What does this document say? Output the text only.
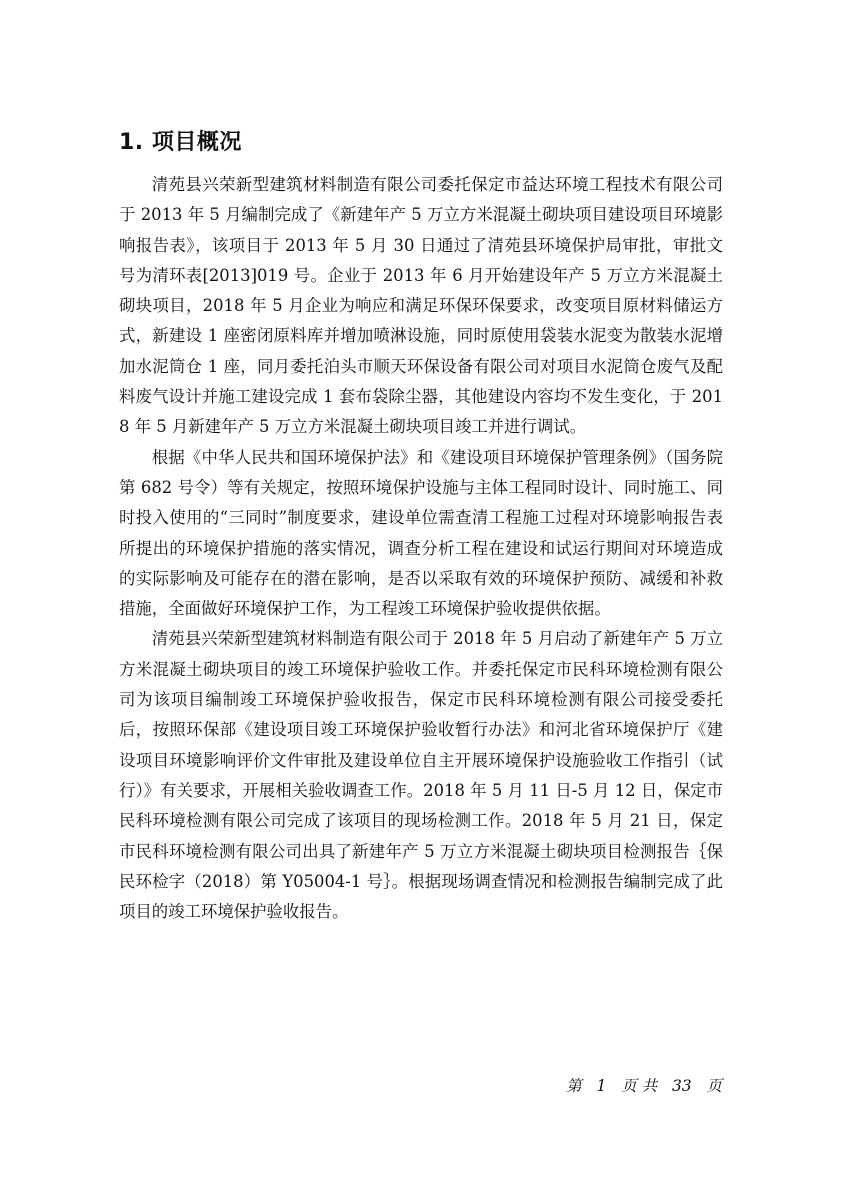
1. 项目概况

清苑县兴荣新型建筑材料制造有限公司委托保定市益达环境工程技术有限公司于 2013 年 5 月编制完成了《新建年产 5 万立方米混凝土砌块项目建设项目环境影响报告表》，该项目于 2013 年 5 月 30 日通过了清苑县环境保护局审批，审批文号为清环表[2013]019 号。企业于 2013 年 6 月开始建设年产 5 万立方米混凝土砌块项目，2018 年 5 月企业为响应和满足环保环保要求，改变项目原材料储运方式，新建设 1 座密闭原料库并增加喷淋设施，同时原使用袋装水泥变为散装水泥增加水泥筒仓 1 座，同月委托泊头市顺天环保设备有限公司对项目水泥筒仓废气及配料废气设计并施工建设完成 1 套布袋除尘器，其他建设内容均不发生变化，于 2018 年 5 月新建年产 5 万立方米混凝土砌块项目竣工并进行调试。

根据《中华人民共和国环境保护法》和《建设项目环境保护管理条例》（国务院第 682 号令）等有关规定，按照环境保护设施与主体工程同时设计、同时施工、同时投入使用的“三同时”制度要求，建设单位需查清工程施工过程对环境影响报告表所提出的环境保护措施的落实情况，调查分析工程在建设和试运行期间对环境造成的实际影响及可能存在的潜在影响，是否以采取有效的环境保护预防、减缓和补救措施，全面做好环境保护工作，为工程竣工环境保护验收提供依据。

清苑县兴荣新型建筑材料制造有限公司于 2018 年 5 月启动了新建年产 5 万立方米混凝土砌块项目的竣工环境保护验收工作。并委托保定市民科环境检测有限公司为该项目编制竣工环境保护验收报告，保定市民科环境检测有限公司接受委托后，按照环保部《建设项目竣工环境保护验收暂行办法》和河北省环境保护厅《建设项目环境影响评价文件审批及建设单位自主开展环境保护设施验收工作指引（试行）》有关要求，开展相关验收调查工作。2018 年 5 月 11 日-5 月 12 日，保定市民科环境检测有限公司完成了该项目的现场检测工作。2018 年 5 月 21 日，保定市民科环境检测有限公司出具了新建年产 5 万立方米混凝土砌块项目检测报告｛保民环检字（2018）第 Y05004-1 号｝。根据现场调查情况和检测报告编制完成了此项目的竣工环境保护验收报告。

第 1 页 共 33 页
